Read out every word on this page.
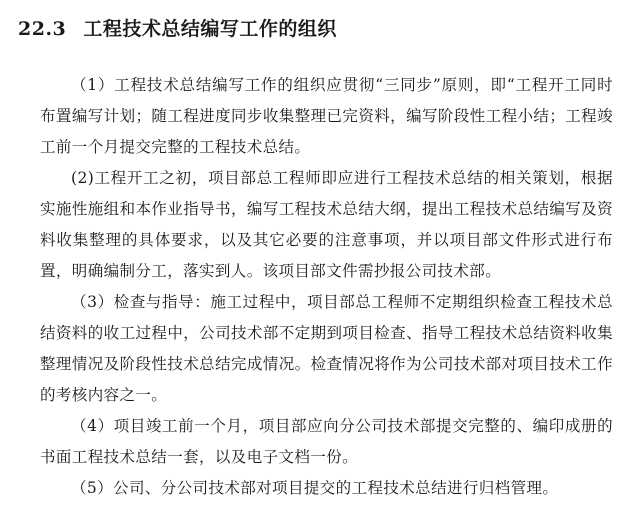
22.3 工程技术总结编写工作的组织

（1）工程技术总结编写工作的组织应贯彻“三同步”原则，即“工程开工同时布置编写计划；随工程进度同步收集整理已完资料，编写阶段性工程小结；工程竣工前一个月提交完整的工程技术总结。

(2)工程开工之初，项目部总工程师即应进行工程技术总结的相关策划，根据实施性施组和本作业指导书，编写工程技术总结大纲，提出工程技术总结编写及资料收集整理的具体要求，以及其它必要的注意事项，并以项目部文件形式进行布置，明确编制分工，落实到人。该项目部文件需抄报公司技术部。

（3）检查与指导：施工过程中，项目部总工程师不定期组织检查工程技术总结资料的收工过程中，公司技术部不定期到项目检查、指导工程技术总结资料收集整理情况及阶段性技术总结完成情况。检查情况将作为公司技术部对项目技术工作的考核内容之一。

（4）项目竣工前一个月，项目部应向分公司技术部提交完整的、编印成册的书面工程技术总结一套，以及电子文档一份。

（5）公司、分公司技术部对项目提交的工程技术总结进行归档管理。
